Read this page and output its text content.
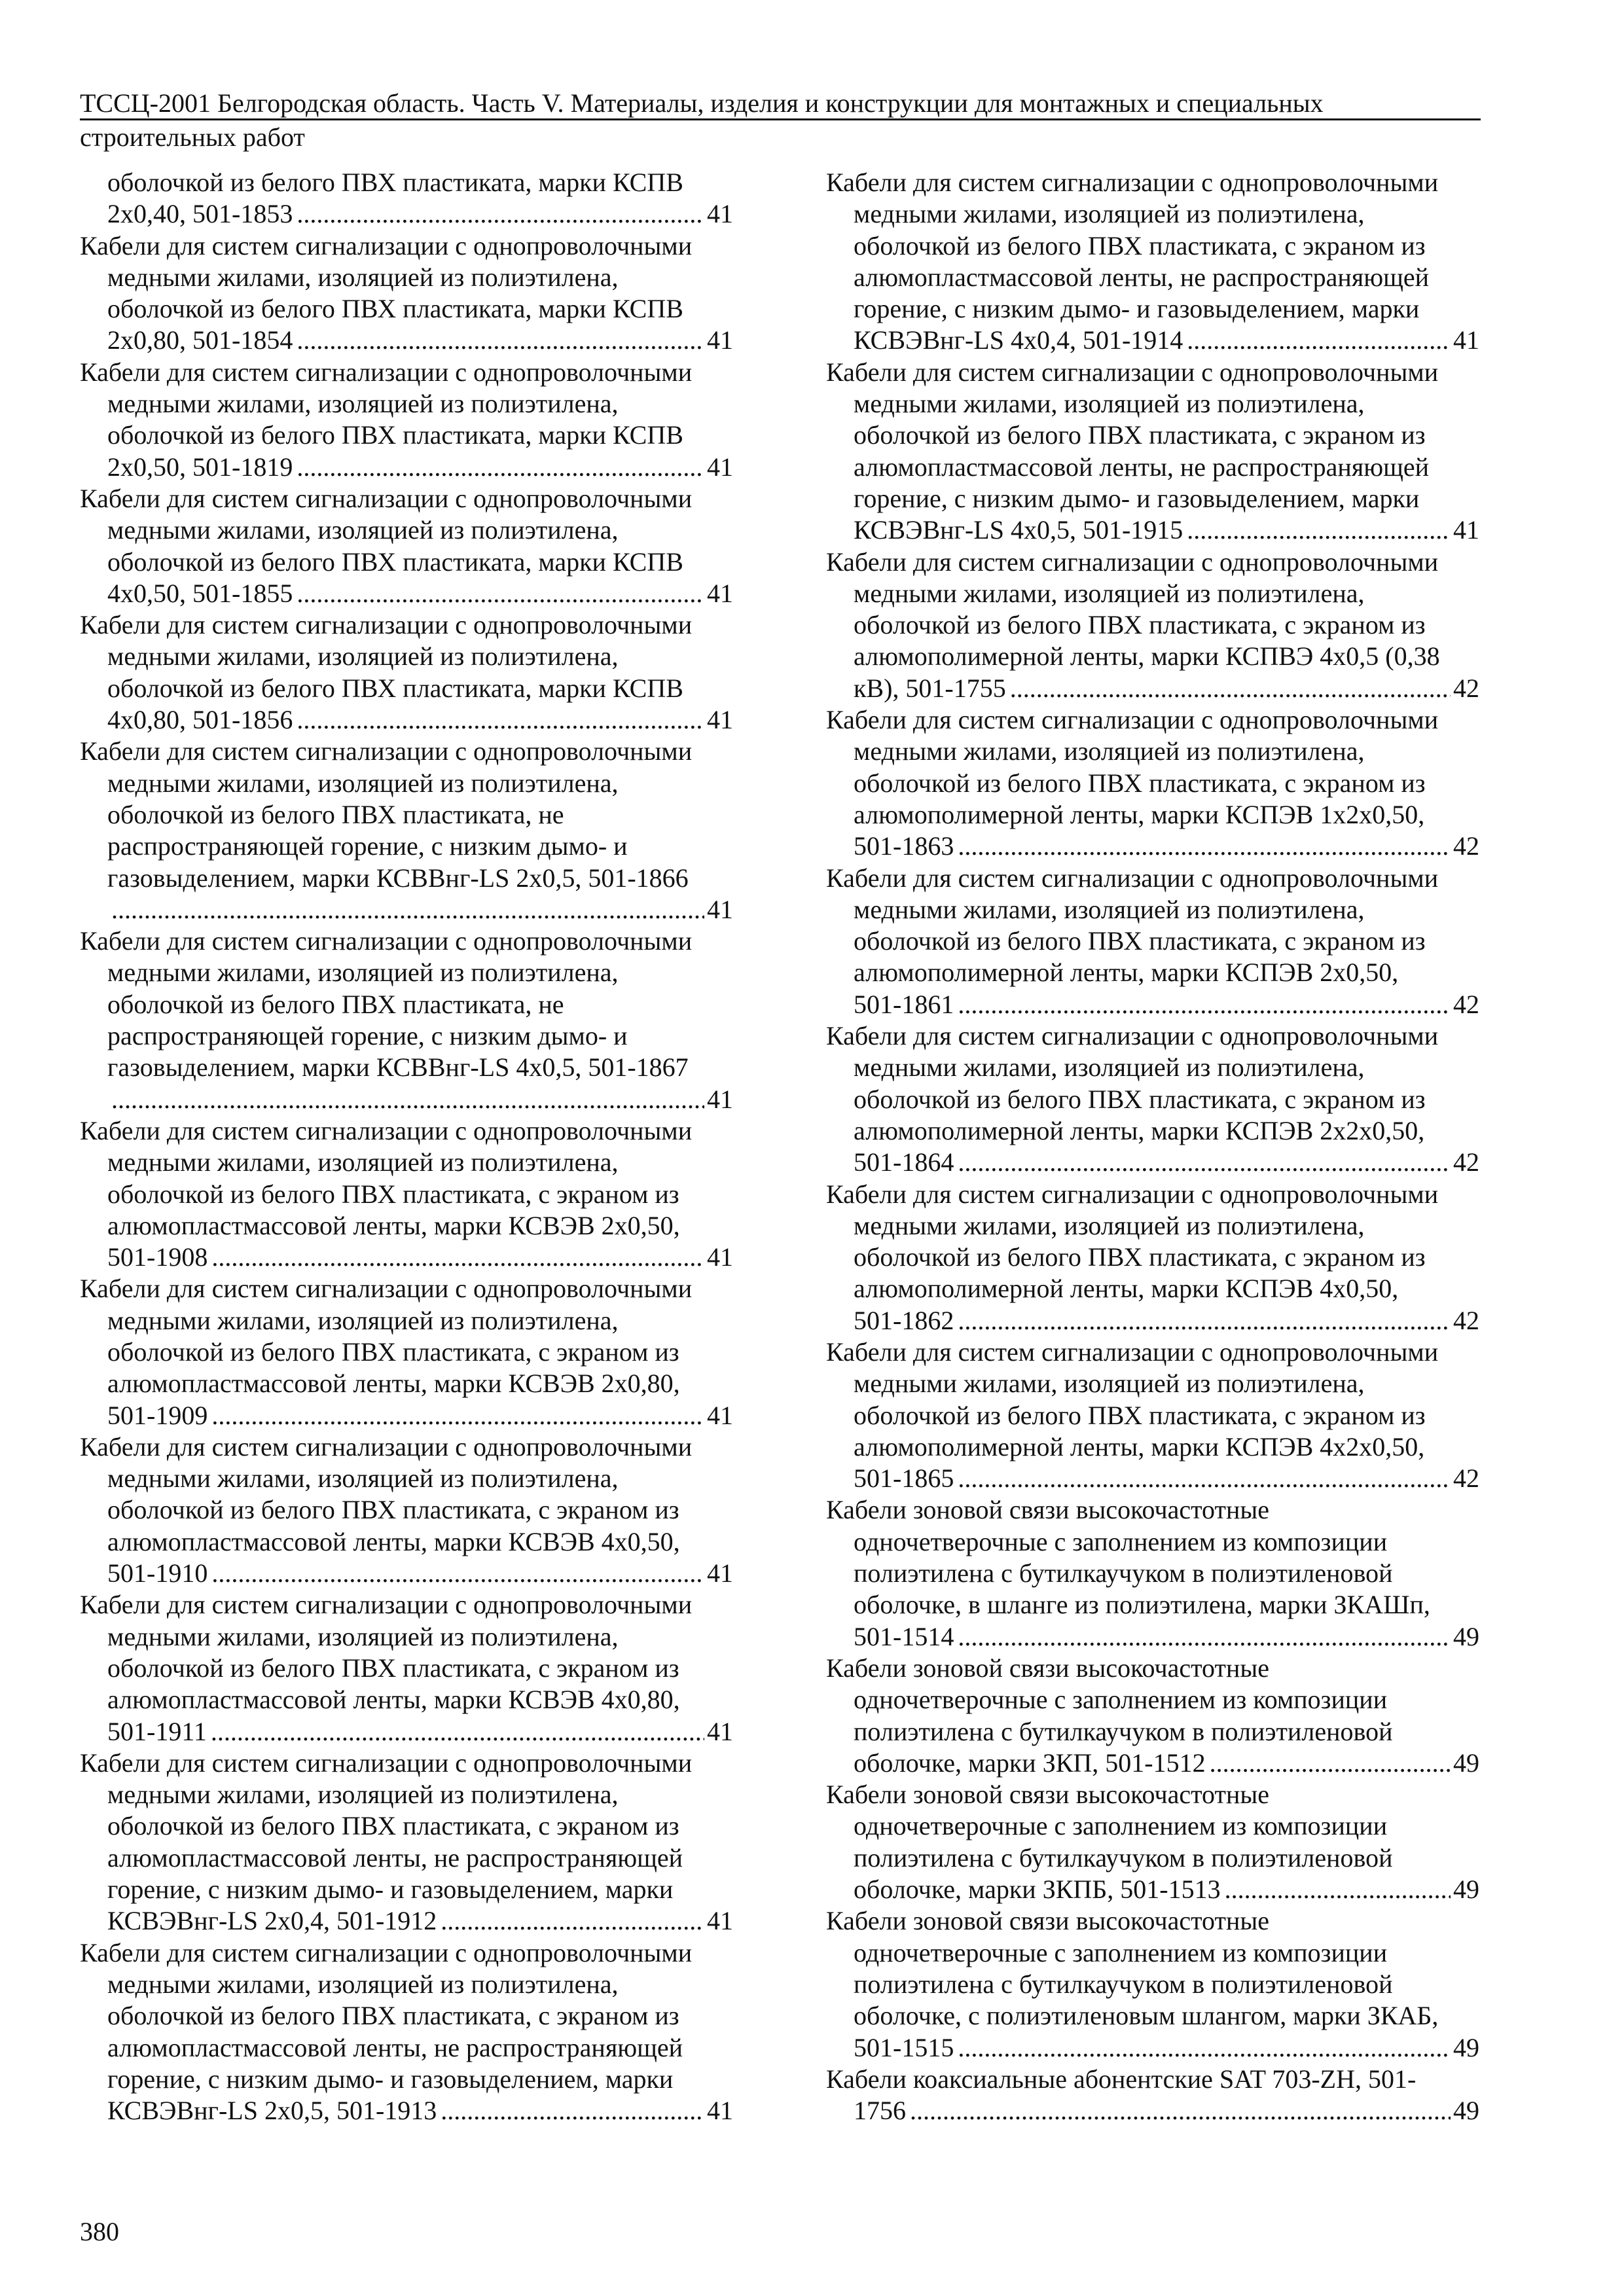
ТССЦ-2001 Белгородская область. Часть V. Материалы, изделия и конструкции для монтажных и специальных
строительных работ
оболочкой из белого ПВХ пластиката, марки КСПВ
2х0,40, 501-1853 .....	41
Кабели для систем сигнализации с однопроволочными
медными жилами, изоляцией из полиэтилена,
оболочкой из белого ПВХ пластиката, марки КСПВ
2х0,80, 501-1854 .....	41
Кабели для систем сигнализации с однопроволочными
медными жилами, изоляцией из полиэтилена,
оболочкой из белого ПВХ пластиката, марки КСПВ
2х0,50, 501-1819 .....	41
Кабели для систем сигнализации с однопроволочными
медными жилами, изоляцией из полиэтилена,
оболочкой из белого ПВХ пластиката, марки КСПВ
4х0,50, 501-1855 .....	41
Кабели для систем сигнализации с однопроволочными
медными жилами, изоляцией из полиэтилена,
оболочкой из белого ПВХ пластиката, марки КСПВ
4х0,80, 501-1856 .....	41
Кабели для систем сигнализации с однопроволочными
медными жилами, изоляцией из полиэтилена,
оболочкой из белого ПВХ пластиката, не
распространяющей горение, с низким дымо- и
газовыделением, марки КСВВнг-LS 2х0,5, 501-1866
.....
41
Кабели для систем сигнализации с однопроволочными
медными жилами, изоляцией из полиэтилена,
оболочкой из белого ПВХ пластиката, не
распространяющей горение, с низким дымо- и
газовыделением, марки КСВВнг-LS 4х0,5, 501-1867
.....
41
Кабели для систем сигнализации с однопроволочными
медными жилами, изоляцией из полиэтилена,
оболочкой из белого ПВХ пластиката, с экраном из
алюмопластмассовой ленты, марки КСВЭВ 2х0,50,
501-1908 .....	41
Кабели для систем сигнализации с однопроволочными
медными жилами, изоляцией из полиэтилена,
оболочкой из белого ПВХ пластиката, с экраном из
алюмопластмассовой ленты, марки КСВЭВ 2х0,80,
501-1909 .....	41
Кабели для систем сигнализации с однопроволочными
медными жилами, изоляцией из полиэтилена,
оболочкой из белого ПВХ пластиката, с экраном из
алюмопластмассовой ленты, марки КСВЭВ 4х0,50,
501-1910 .....	41
Кабели для систем сигнализации с однопроволочными
медными жилами, изоляцией из полиэтилена,
оболочкой из белого ПВХ пластиката, с экраном из
алюмопластмассовой ленты, марки КСВЭВ 4х0,80,
501-1911 .....	41
Кабели для систем сигнализации с однопроволочными
медными жилами, изоляцией из полиэтилена,
оболочкой из белого ПВХ пластиката, с экраном из
алюмопластмассовой ленты, не распространяющей
горение, с низким дымо- и газовыделением, марки
КСВЭВнг-LS 2х0,4, 501-1912 .....	41
Кабели для систем сигнализации с однопроволочными
медными жилами, изоляцией из полиэтилена,
оболочкой из белого ПВХ пластиката, с экраном из
алюмопластмассовой ленты, не распространяющей
горение, с низким дымо- и газовыделением, марки
КСВЭВнг-LS 2х0,5, 501-1913 .....	41
Кабели для систем сигнализации с однопроволочными
медными жилами, изоляцией из полиэтилена,
оболочкой из белого ПВХ пластиката, с экраном из
алюмопластмассовой ленты, не распространяющей
горение, с низким дымо- и газовыделением, марки
КСВЭВнг-LS 4х0,4, 501-1914 .....	41
Кабели для систем сигнализации с однопроволочными
медными жилами, изоляцией из полиэтилена,
оболочкой из белого ПВХ пластиката, с экраном из
алюмопластмассовой ленты, не распространяющей
горение, с низким дымо- и газовыделением, марки
КСВЭВнг-LS 4х0,5, 501-1915 .....	41
Кабели для систем сигнализации с однопроволочными
медными жилами, изоляцией из полиэтилена,
оболочкой из белого ПВХ пластиката, с экраном из
алюмополимерной ленты, марки КСПВЭ 4х0,5 (0,38
кВ), 501-1755 .....	42
Кабели для систем сигнализации с однопроволочными
медными жилами, изоляцией из полиэтилена,
оболочкой из белого ПВХ пластиката, с экраном из
алюмополимерной ленты, марки КСПЭВ 1х2х0,50,
501-1863 .....	42
Кабели для систем сигнализации с однопроволочными
медными жилами, изоляцией из полиэтилена,
оболочкой из белого ПВХ пластиката, с экраном из
алюмополимерной ленты, марки КСПЭВ 2х0,50,
501-1861 .....	42
Кабели для систем сигнализации с однопроволочными
медными жилами, изоляцией из полиэтилена,
оболочкой из белого ПВХ пластиката, с экраном из
алюмополимерной ленты, марки КСПЭВ 2х2х0,50,
501-1864 .....	42
Кабели для систем сигнализации с однопроволочными
медными жилами, изоляцией из полиэтилена,
оболочкой из белого ПВХ пластиката, с экраном из
алюмополимерной ленты, марки КСПЭВ 4х0,50,
501-1862 .....	42
Кабели для систем сигнализации с однопроволочными
медными жилами, изоляцией из полиэтилена,
оболочкой из белого ПВХ пластиката, с экраном из
алюмополимерной ленты, марки КСПЭВ 4х2х0,50,
501-1865 .....	42
Кабели зоновой связи высокочастотные
одночетверочные с заполнением из композиции
полиэтилена с бутилкаучуком в полиэтиленовой
оболочке, в шланге из полиэтилена, марки ЗКАШп,
501-1514 .....	49
Кабели зоновой связи высокочастотные
одночетверочные с заполнением из композиции
полиэтилена с бутилкаучуком в полиэтиленовой
оболочке, марки ЗКП, 501-1512 .....	49
Кабели зоновой связи высокочастотные
одночетверочные с заполнением из композиции
полиэтилена с бутилкаучуком в полиэтиленовой
оболочке, марки ЗКПБ, 501-1513 .....	49
Кабели зоновой связи высокочастотные
одночетверочные с заполнением из композиции
полиэтилена с бутилкаучуком в полиэтиленовой
оболочке, с полиэтиленовым шлангом, марки ЗКАБ,
501-1515 .....	49
Кабели коаксиальные абонентские SAT 703-ZH, 501-
1756 .....	49
380
